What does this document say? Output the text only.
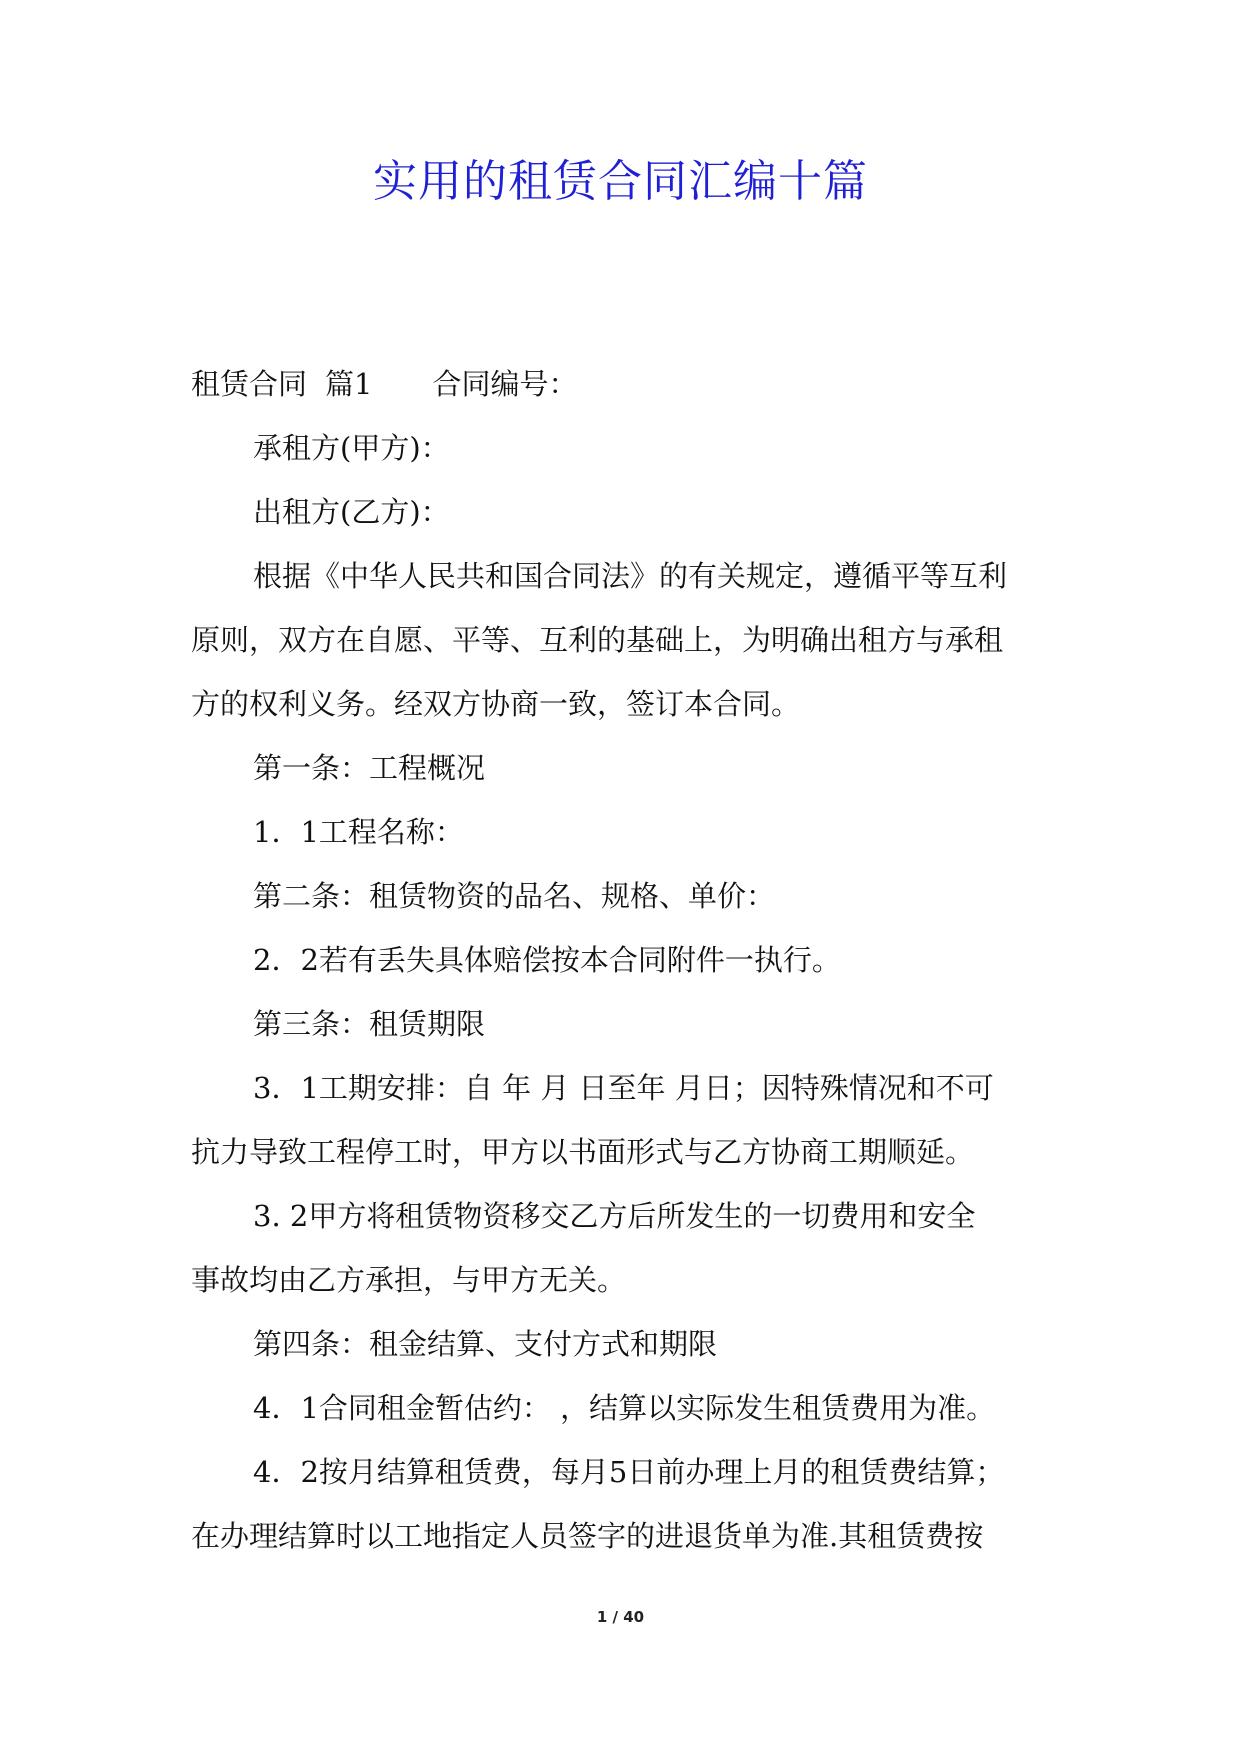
实用的租赁合同汇编十篇
租赁合同 篇1 合同编号：
承租方(甲方)：
出租方(乙方)：
根据《中华人民共和国合同法》的有关规定，遵循平等互利
原则，双方在自愿、平等、互利的基础上，为明确出租方与承租
方的权利义务。经双方协商一致，签订本合同。
第一条：工程概况
1．1工程名称：
第二条：租赁物资的品名、规格、单价：
2．2若有丢失具体赔偿按本合同附件一执行。
第三条：租赁期限
3．1工期安排：自 年 月 日至年 月日；因特殊情况和不可
抗力导致工程停工时，甲方以书面形式与乙方协商工期顺延。
3. 2甲方将租赁物资移交乙方后所发生的一切费用和安全
事故均由乙方承担，与甲方无关。
第四条：租金结算、支付方式和期限
4．1合同租金暂估约： ，结算以实际发生租赁费用为准。
4．2按月结算租赁费，每月5日前办理上月的租赁费结算；
在办理结算时以工地指定人员签字的进退货单为准.其租赁费按
1 / 40
